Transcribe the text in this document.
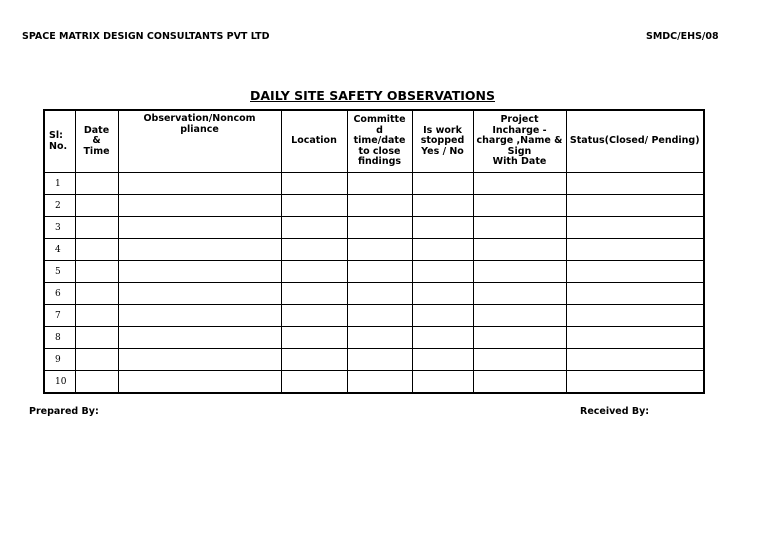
SPACE MATRIX DESIGN CONSULTANTS PVT LTD	SMDC/EHS/08
DAILY SITE SAFETY OBSERVATIONS
Sl:
No.	Date
&
Time	Observation/Noncom
pliance	Location	Committe
d
time/date
to close
findings	Is work
stopped
Yes / No	Project
Incharge -
charge ,Name &
Sign
With Date	Status(Closed/ Pending)
1							
2							
3							
4							
5							
6							
7							
8							
9							
10							
Prepared By:	Received By:
